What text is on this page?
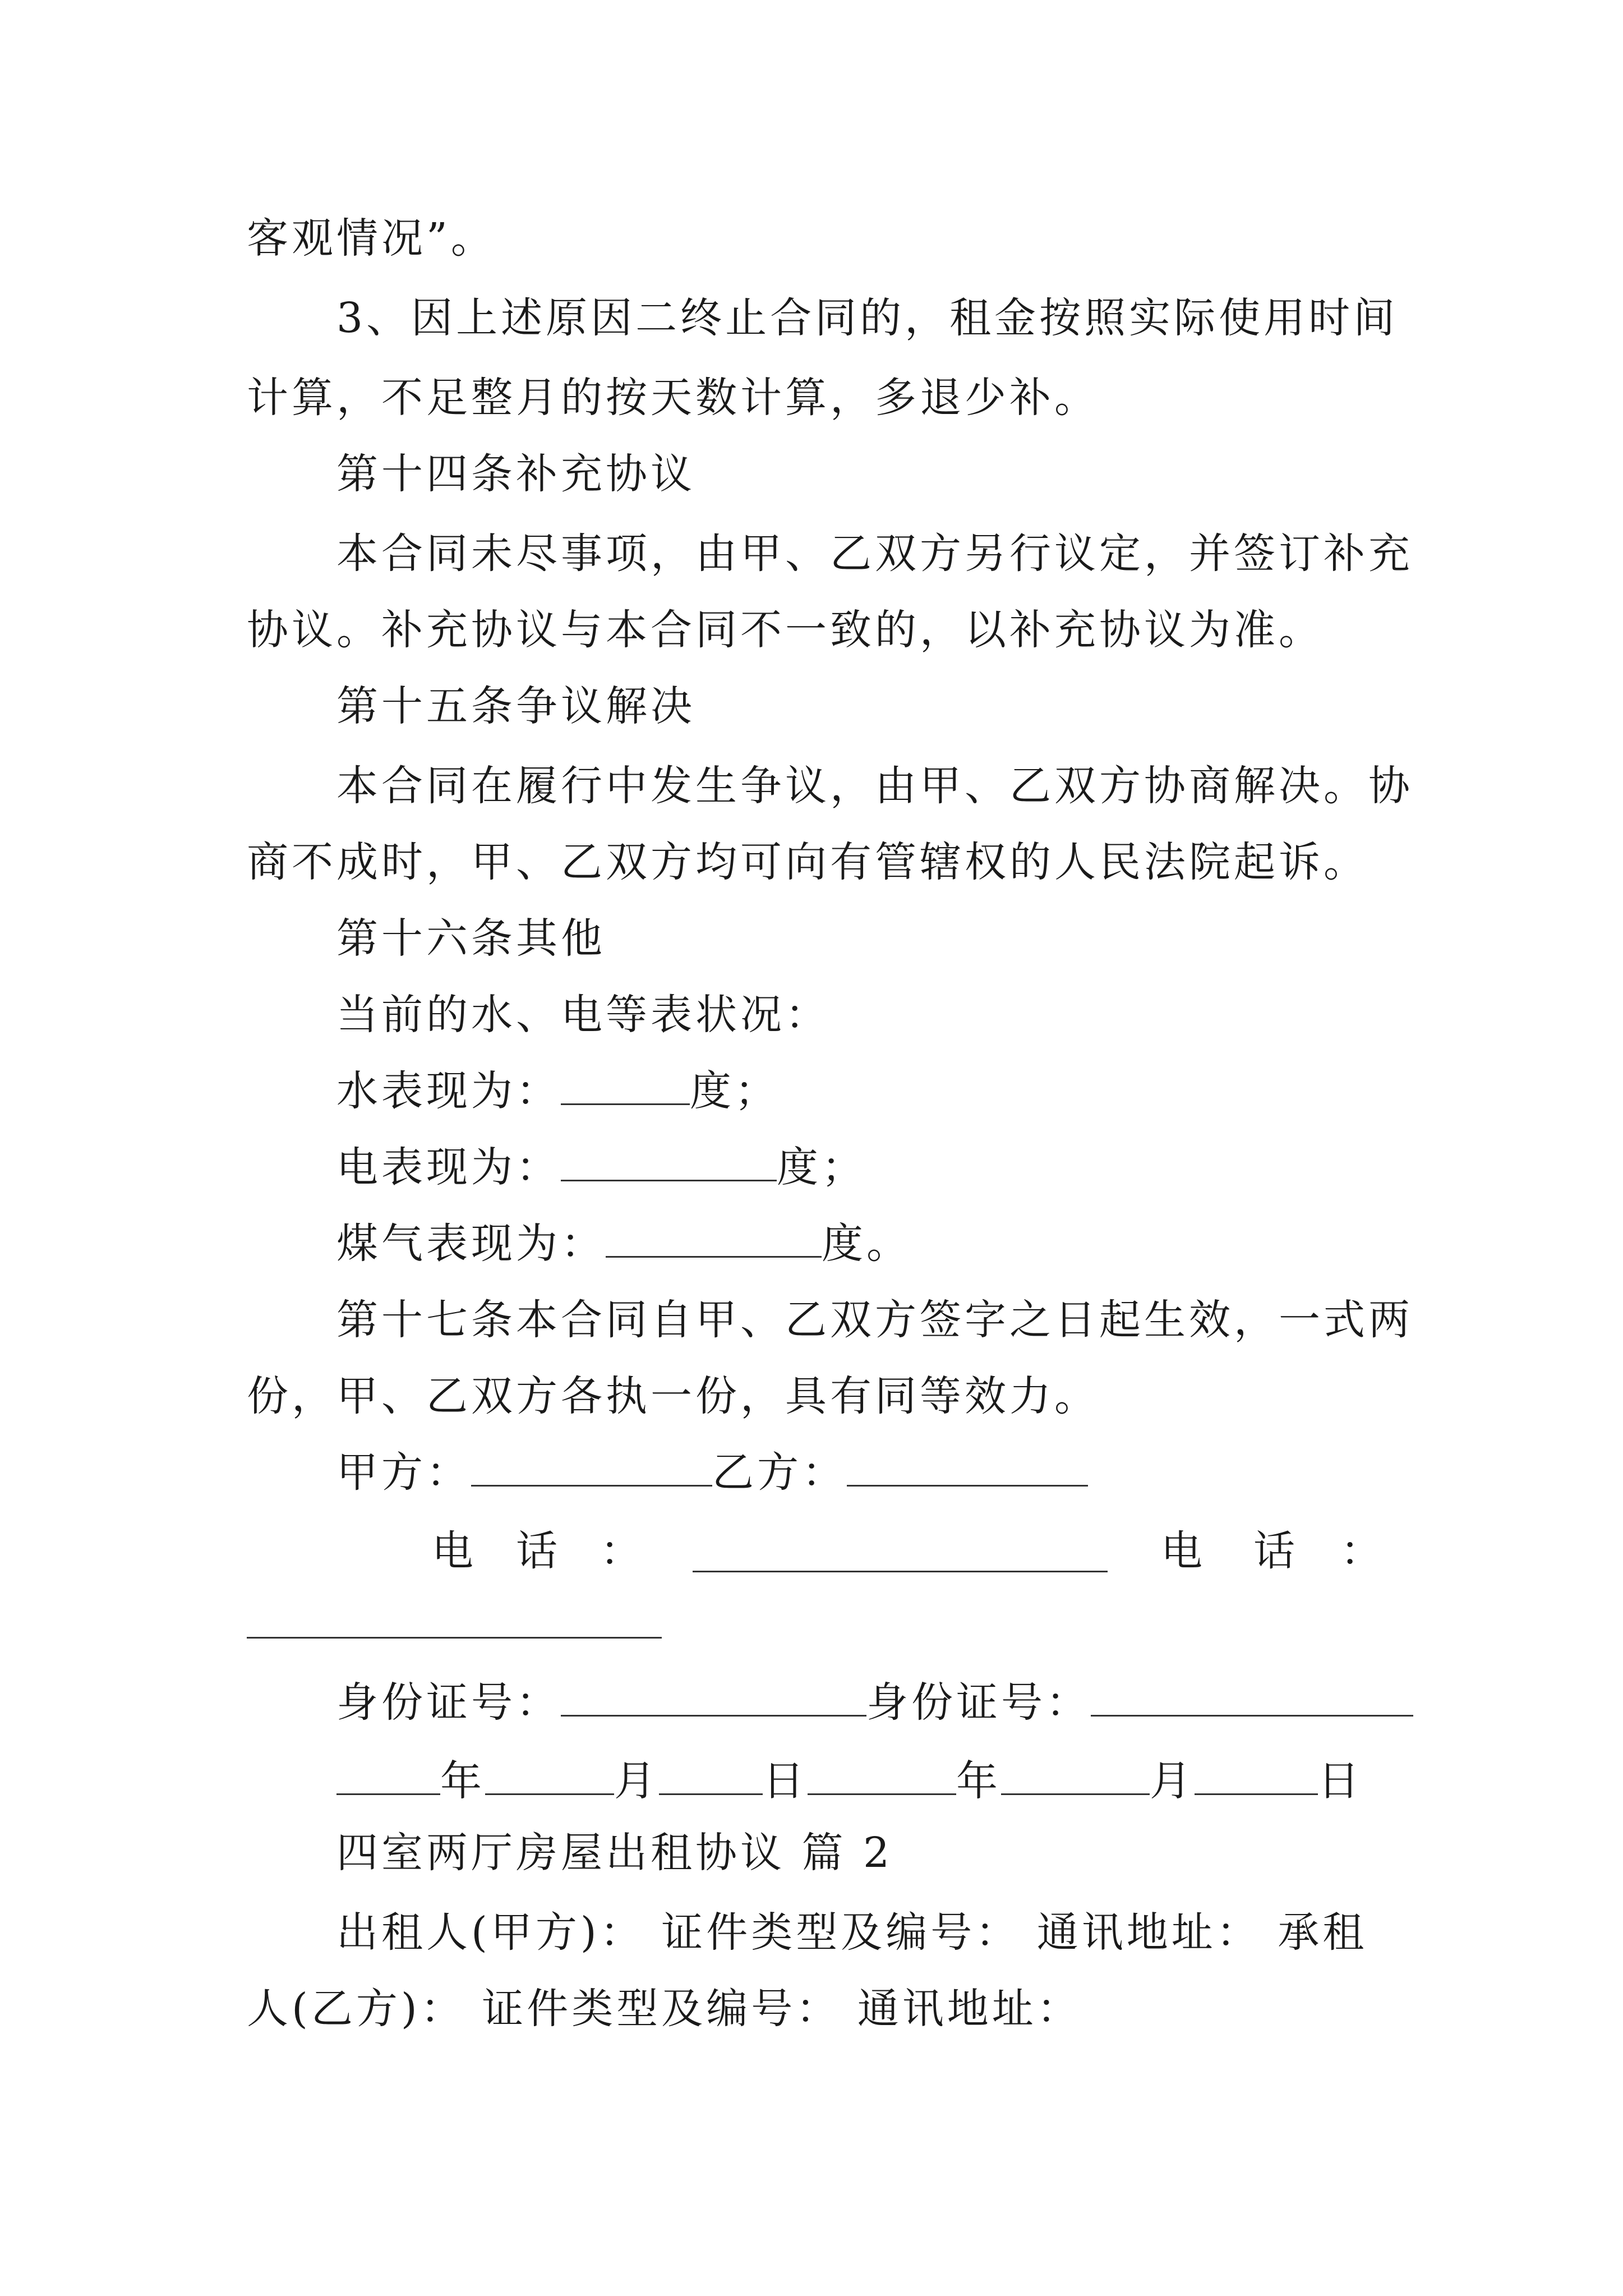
客观情况”。
3、因上述原因二终止合同的，租金按照实际使用时间
计算，不足整月的按天数计算，多退少补。
第十四条补充协议
本合同未尽事项，由甲、乙双方另行议定，并签订补充
协议。补充协议与本合同不一致的，以补充协议为准。
第十五条争议解决
本合同在履行中发生争议，由甲、乙双方协商解决。协
商不成时，甲、乙双方均可向有管辖权的人民法院起诉。
第十六条其他
当前的水、电等表状况：
水表现为：	度；
电表现为：	度；
煤气表现为：	度。
第十七条本合同自甲、乙双方签字之日起生效，一式两
份，甲、乙双方各执一份，具有同等效力。
甲方：	乙方：
电 话 ：	电 话 ：
身份证号：	身份证号：
年	月	日	年	月	日
四室两厅房屋出租协议 篇 2
出租人(甲方)： 证件类型及编号： 通讯地址： 承租
人(乙方)： 证件类型及编号： 通讯地址：
